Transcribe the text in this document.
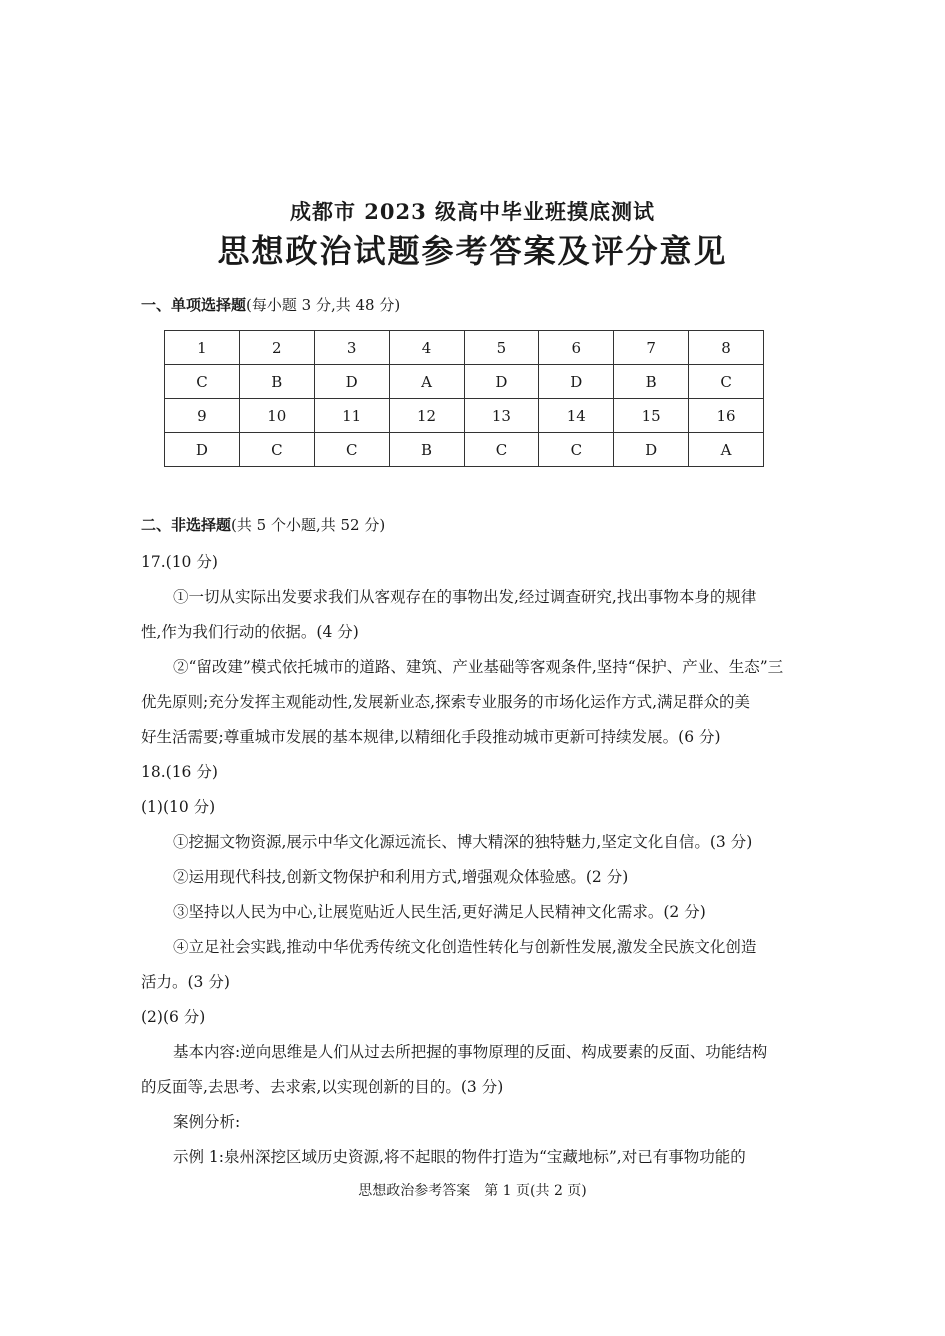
成都市 2023 级高中毕业班摸底测试
思想政治试题参考答案及评分意见
一、单项选择题(每小题 3 分,共 48 分)
1	2	3	4	5	6	7	8
C	B	D	A	D	D	B	C
9	10	11	12	13	14	15	16
D	C	C	B	C	C	D	A
二、非选择题(共 5 个小题,共 52 分)
17.(10 分)
①一切从实际出发要求我们从客观存在的事物出发,经过调查研究,找出事物本身的规律
性,作为我们行动的依据。(4 分)
②“留改建”模式依托城市的道路、建筑、产业基础等客观条件,坚持“保护、产业、生态”三
优先原则;充分发挥主观能动性,发展新业态,探索专业服务的市场化运作方式,满足群众的美
好生活需要;尊重城市发展的基本规律,以精细化手段推动城市更新可持续发展。(6 分)
18.(16 分)
(1)(10 分)
①挖掘文物资源,展示中华文化源远流长、博大精深的独特魅力,坚定文化自信。(3 分)
②运用现代科技,创新文物保护和利用方式,增强观众体验感。(2 分)
③坚持以人民为中心,让展览贴近人民生活,更好满足人民精神文化需求。(2 分)
④立足社会实践,推动中华优秀传统文化创造性转化与创新性发展,激发全民族文化创造
活力。(3 分)
(2)(6 分)
基本内容:逆向思维是人们从过去所把握的事物原理的反面、构成要素的反面、功能结构
的反面等,去思考、去求索,以实现创新的目的。(3 分)
案例分析:
示例 1:泉州深挖区域历史资源,将不起眼的物件打造为“宝藏地标”,对已有事物功能的
思想政治参考答案　第 1 页(共 2 页)
